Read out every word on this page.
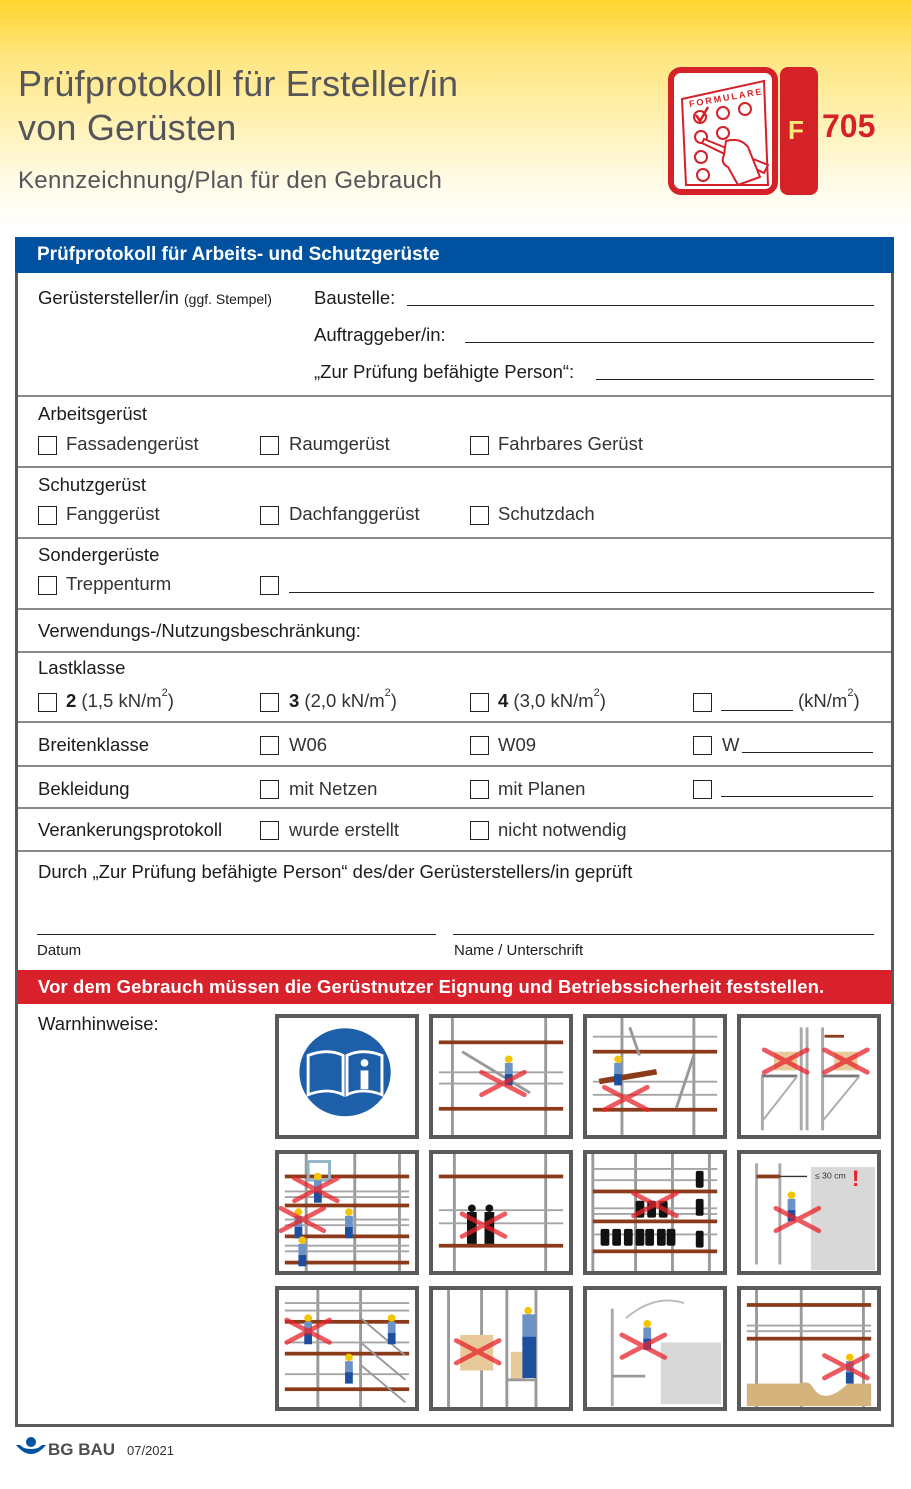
Prüfprotokoll für Ersteller/in
von Gerüsten
Kennzeichnung/Plan für den Gebrauch
FORMULARE
F 705
Prüfprotokoll für Arbeits- und Schutzgerüste
Gerüstersteller/in (ggf. Stempel) Baustelle:
Auftraggeber/in:
„Zur Prüfung befähigte Person“:
Arbeitsgerüst
Fassadengerüst	Raumgerüst	Fahrbares Gerüst
Schutzgerüst
Fanggerüst	Dachfanggerüst	Schutzdach
Sondergerüste
Treppenturm
Verwendungs-/Nutzungsbeschränkung:
Lastklasse
2 (1,5 $kN/m^2$)	3 (2,0 $kN/m^2$)	4 (3,0 $kN/m^2$)	$(kN/m^2)$
Breitenklasse	W06	W09	W
Bekleidung	mit Netzen	mit Planen
Verankerungsprotokoll	wurde erstellt	nicht notwendig
Durch „Zur Prüfung befähigte Person“ des/der Gerüsterstellers/in geprüft
Datum	Name / Unterschrift
Vor dem Gebrauch müssen die Gerüstnutzer Eignung und Betriebssicherheit feststellen.
Warnhinweise:
≤ 30 cm !
BG BAU 07/2021
